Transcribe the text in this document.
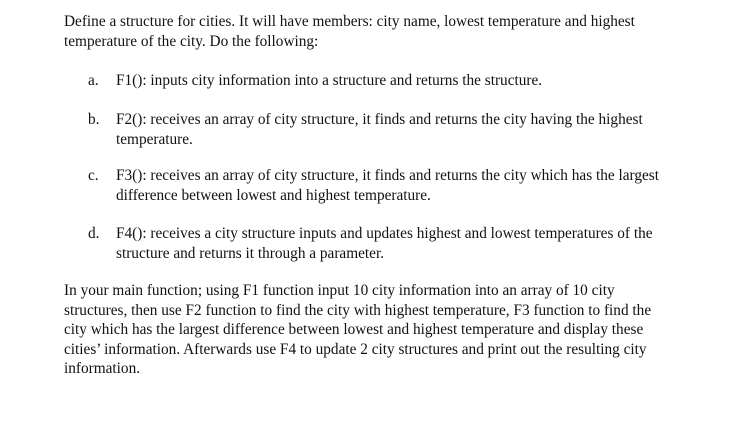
Define a structure for cities. It will have members: city name, lowest temperature and highest temperature of the city. Do the following:

a.	F1(): inputs city information into a structure and returns the structure.

b.	F2(): receives an array of city structure, it finds and returns the city having the highest temperature.

c.	F3(): receives an array of city structure, it finds and returns the city which has the largest difference between lowest and highest temperature.

d.	F4(): receives a city structure inputs and updates highest and lowest temperatures of the structure and returns it through a parameter.

In your main function; using F1 function input 10 city information into an array of 10 city structures, then use F2 function to find the city with highest temperature, F3 function to find the city which has the largest difference between lowest and highest temperature and display these cities’ information. Afterwards use F4 to update 2 city structures and print out the resulting city information.
